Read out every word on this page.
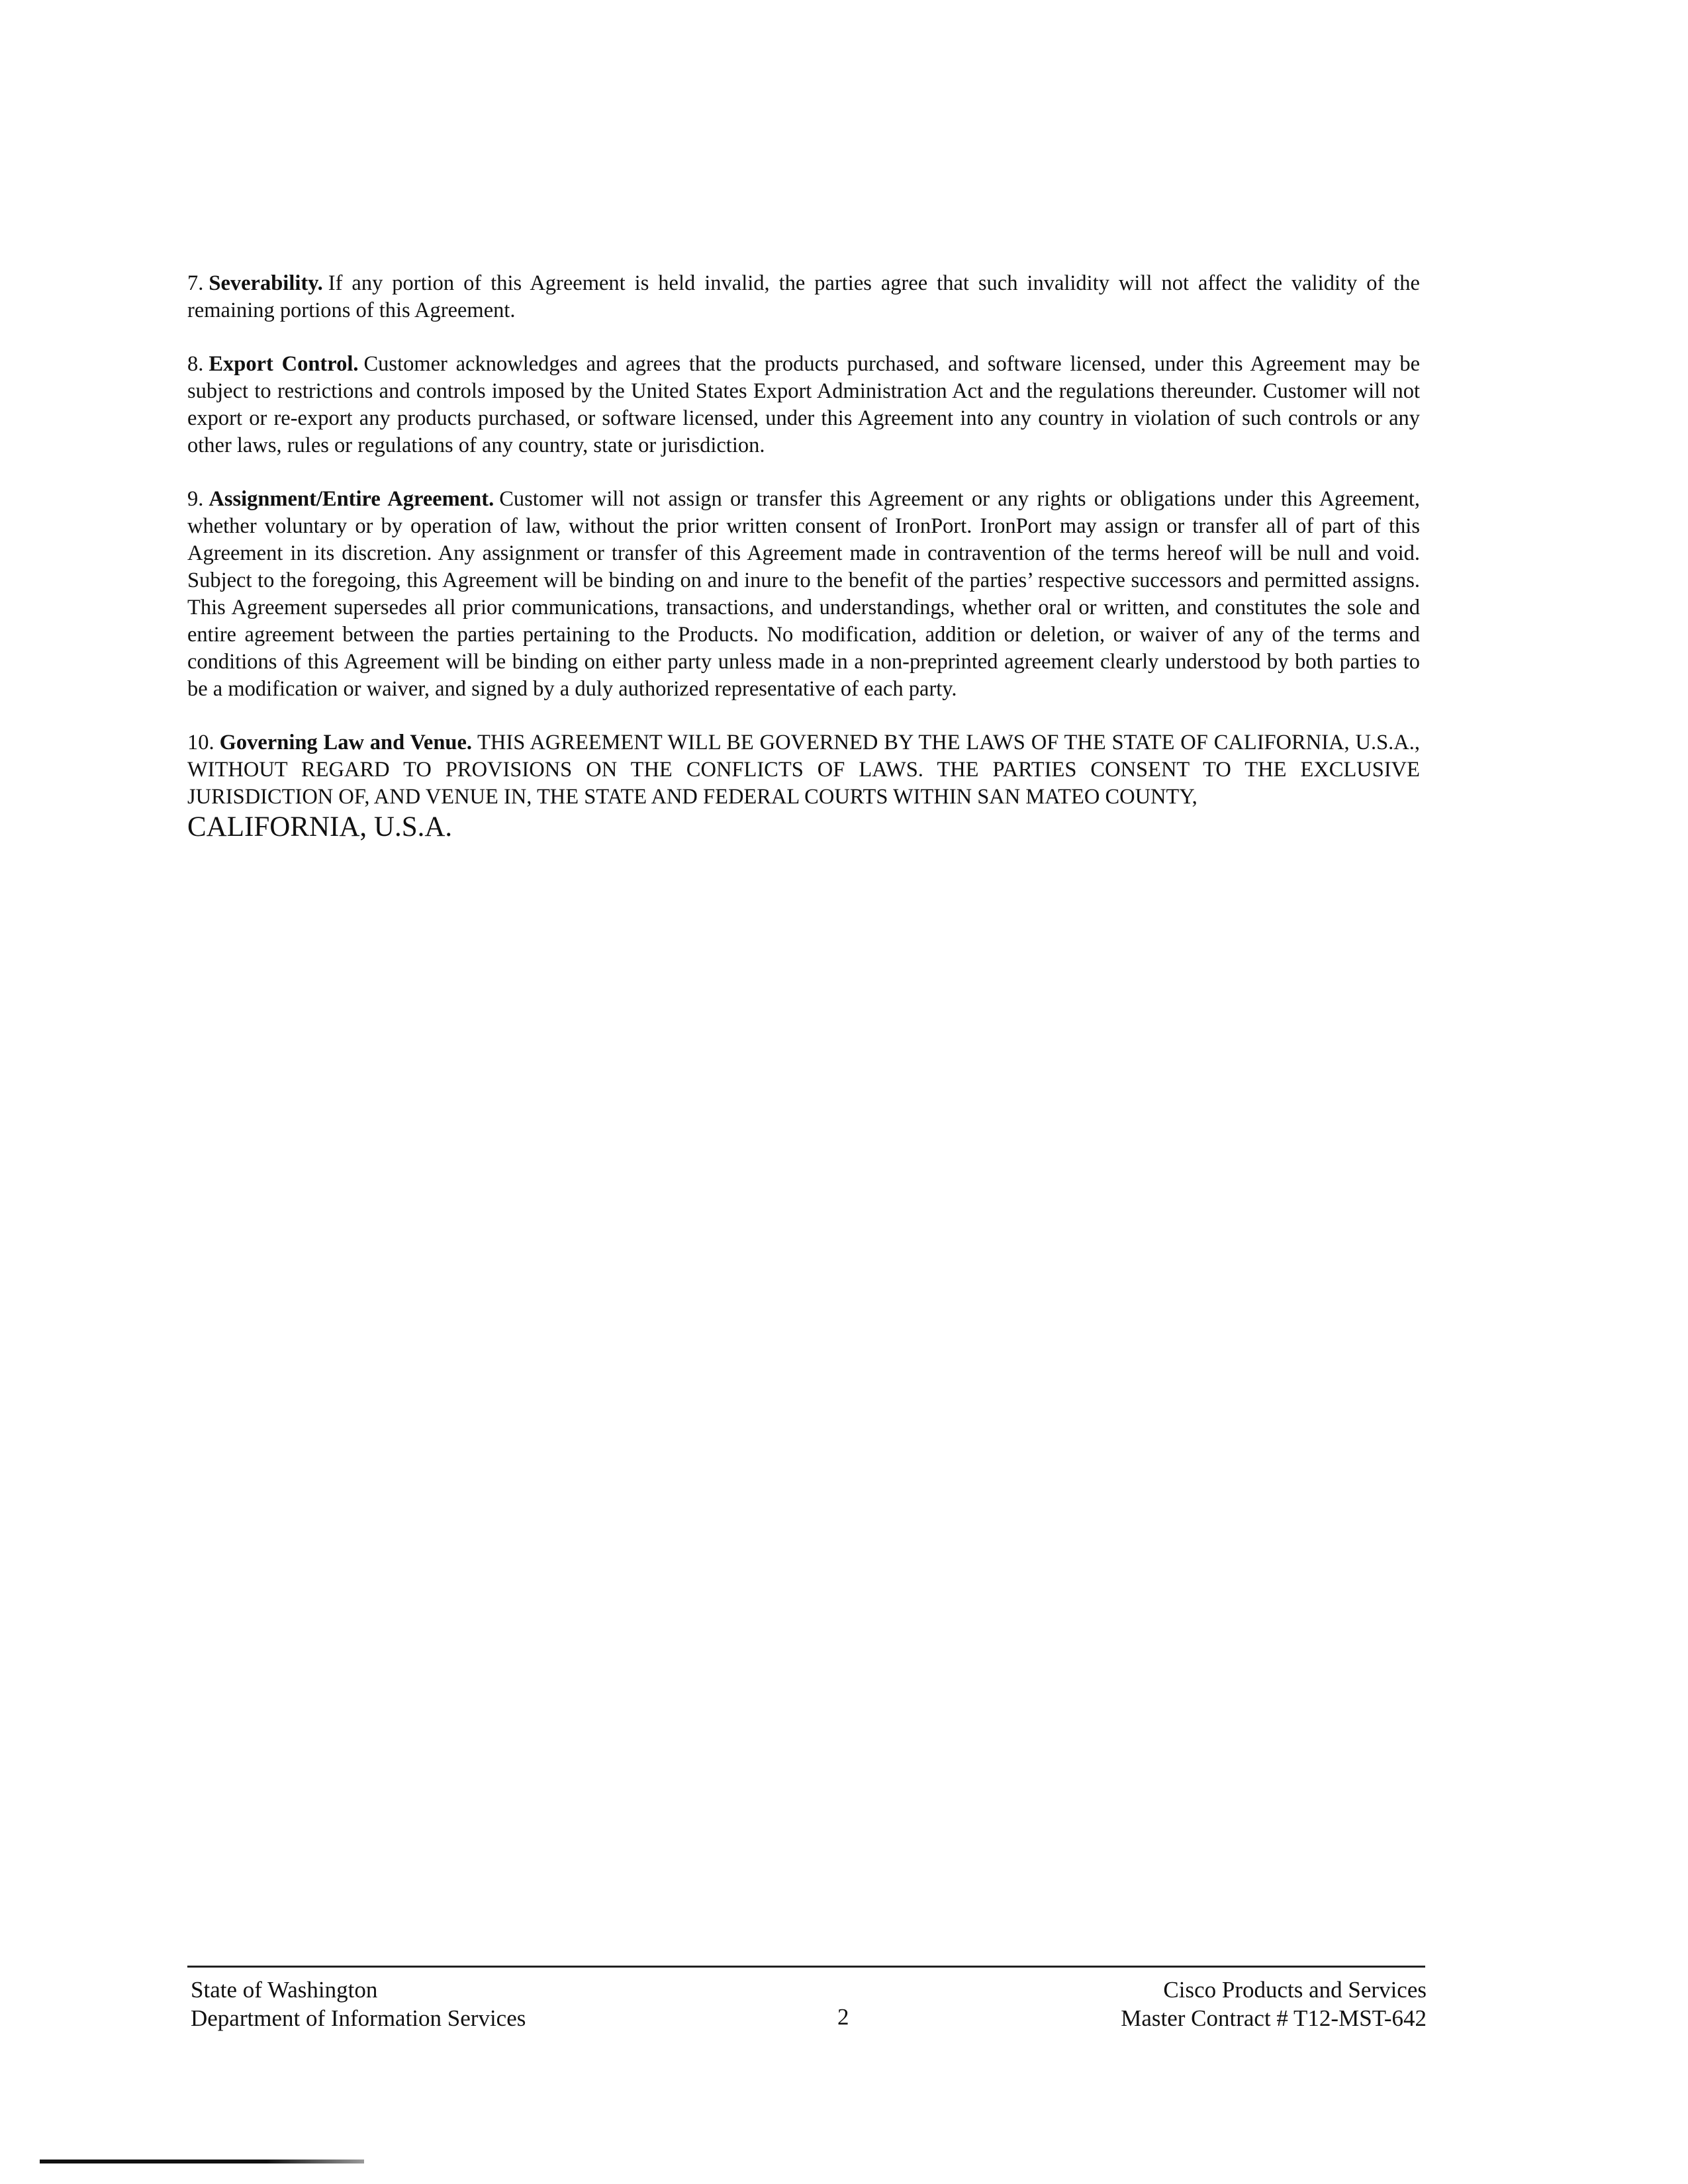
7. Severability. If any portion of this Agreement is held invalid, the parties agree that such invalidity will not affect the validity of the remaining portions of this Agreement.

8. Export Control. Customer acknowledges and agrees that the products purchased, and software licensed, under this Agreement may be subject to restrictions and controls imposed by the United States Export Administration Act and the regulations thereunder. Customer will not export or re-export any products purchased, or software licensed, under this Agreement into any country in violation of such controls or any other laws, rules or regulations of any country, state or jurisdiction.

9. Assignment/Entire Agreement. Customer will not assign or transfer this Agreement or any rights or obligations under this Agreement, whether voluntary or by operation of law, without the prior written consent of IronPort. IronPort may assign or transfer all of part of this Agreement in its discretion. Any assignment or transfer of this Agreement made in contravention of the terms hereof will be null and void. Subject to the foregoing, this Agreement will be binding on and inure to the benefit of the parties’ respective successors and permitted assigns. This Agreement supersedes all prior communications, transactions, and understandings, whether oral or written, and constitutes the sole and entire agreement between the parties pertaining to the Products. No modification, addition or deletion, or waiver of any of the terms and conditions of this Agreement will be binding on either party unless made in a non-preprinted agreement clearly understood by both parties to be a modification or waiver, and signed by a duly authorized representative of each party.

10. Governing Law and Venue. THIS AGREEMENT WILL BE GOVERNED BY THE LAWS OF THE STATE OF CALIFORNIA, U.S.A., WITHOUT REGARD TO PROVISIONS ON THE CONFLICTS OF LAWS. THE PARTIES CONSENT TO THE EXCLUSIVE JURISDICTION OF, AND VENUE IN, THE STATE AND FEDERAL COURTS WITHIN SAN MATEO COUNTY,

CALIFORNIA, U.S.A.

State of Washington
Department of Information Services	2
Cisco Products and Services
Master Contract # T12-MST-642
